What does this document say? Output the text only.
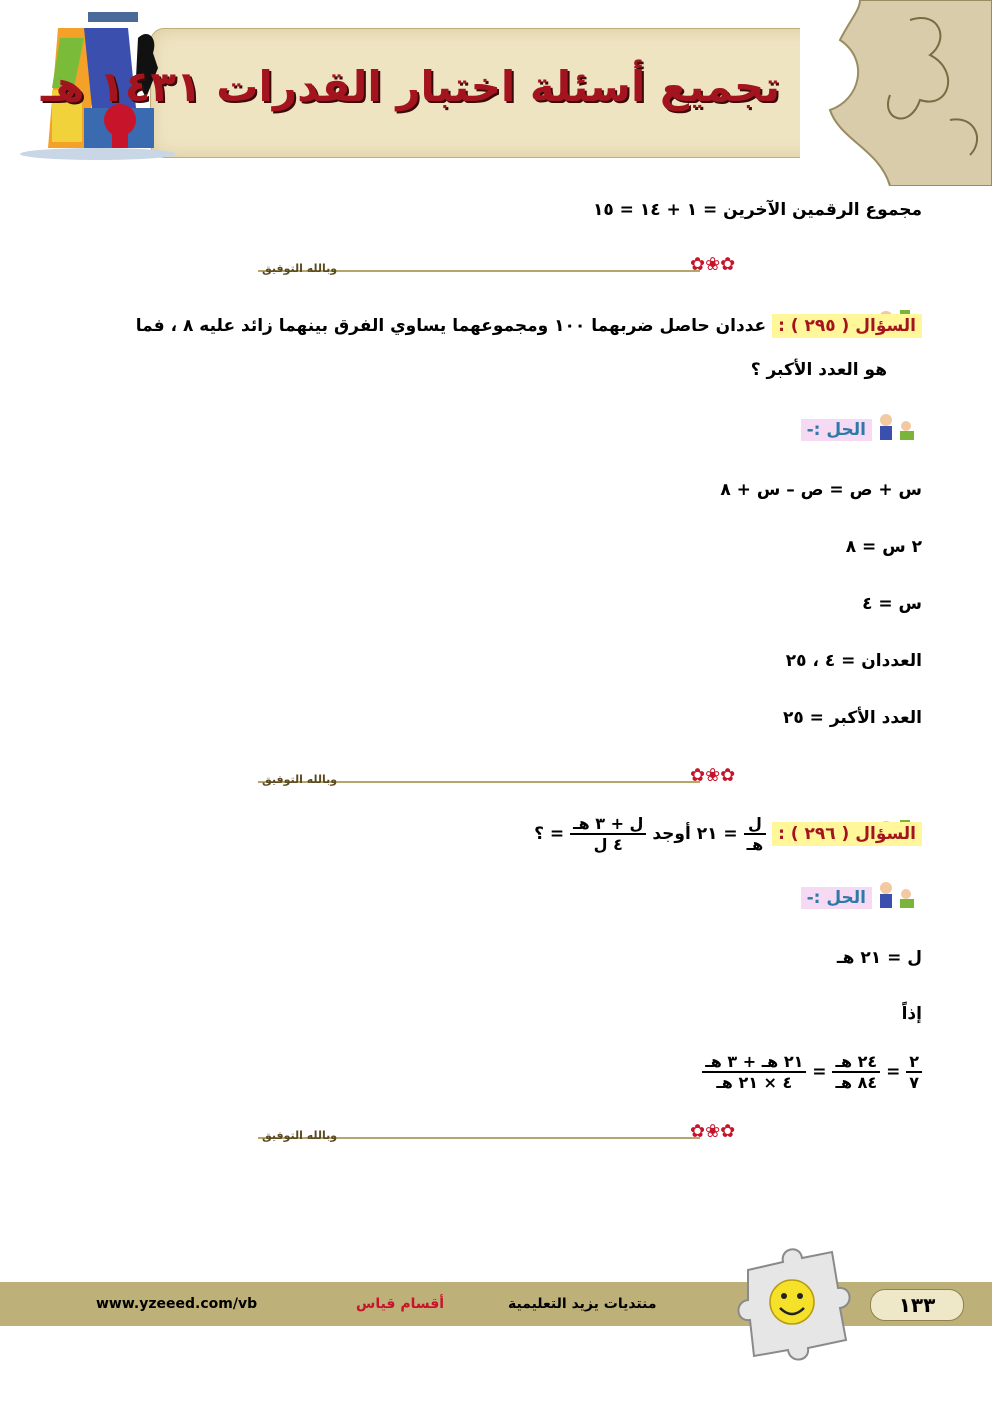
تجميع أسئلة اختبار القدرات ١٤٣١ هـ
مجموع الرقمين الآخرين = ١ + ١٤ = ١٥
وبالله التوفيق	✿❀✿
السؤال ( ٢٩٥ ) : عددان حاصل ضربهما ١٠٠ ومجموعهما يساوي الفرق بينهما زائد عليه ٨ ، فما
هو العدد الأكبر ؟
الحل :-
س + ص = ص – س + ٨
٢ س = ٨
س = ٤
العددان = ٤ ، ٢٥
العدد الأكبر = ٢٥
وبالله التوفيق	✿❀✿
السؤال ( ٢٩٦ ) :
$\frac{\text{ل}}{\text{هـ}}$
= ٢١ أوجد
$\frac{\text{ل + ٣ هـ}}{\text{٤ ل}}$
= ؟
الحل :-
ل = ٢١ هـ
إذاً
$\frac{\text{٢١ هـ + ٣ هـ}}{\text{٤ × ٢١ هـ}} = \frac{\text{٢٤ هـ}}{\text{٨٤ هـ}} = \frac{٢}{٧}$
وبالله التوفيق	✿❀✿
www.yzeeed.com/vb	أقسام قياس	منتديات يزيد التعليمية	١٣٣
